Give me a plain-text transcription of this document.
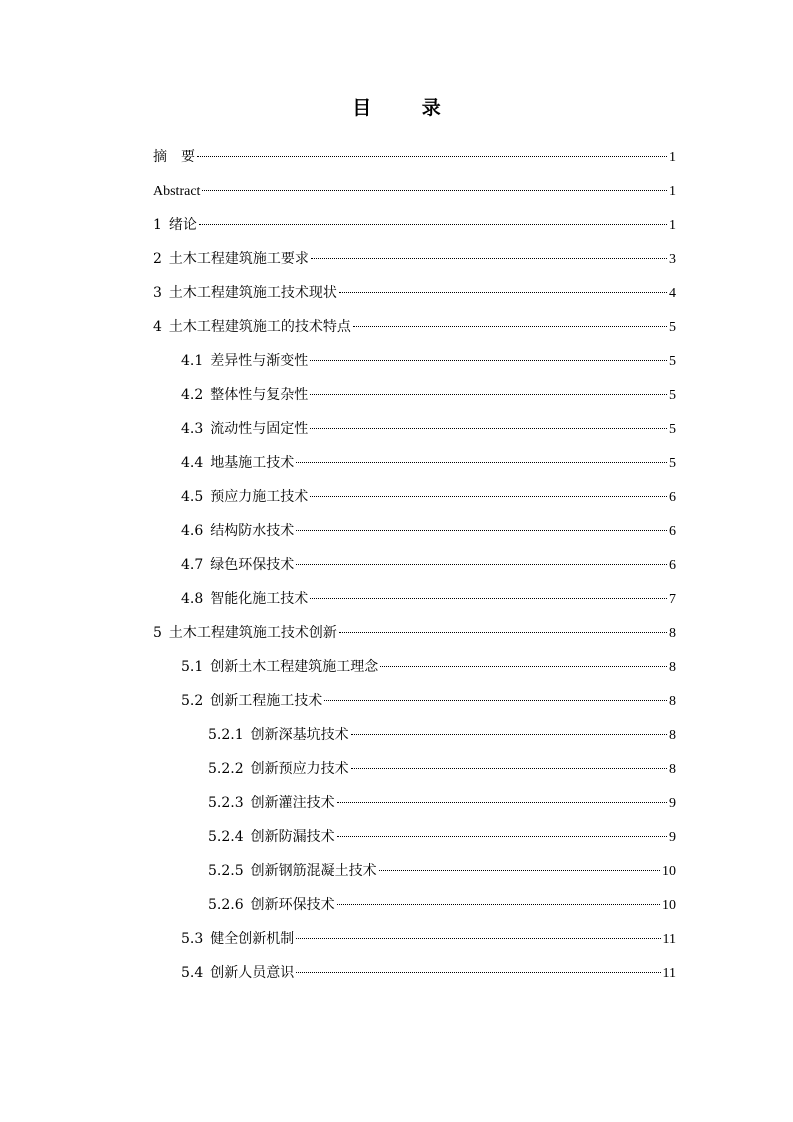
目 录
摘　要	1
Abstract	1
1 绪论	1
2 土木工程建筑施工要求	3
3 土木工程建筑施工技术现状	4
4 土木工程建筑施工的技术特点	5
4.1 差异性与渐变性	5
4.2 整体性与复杂性	5
4.3 流动性与固定性	5
4.4 地基施工技术	5
4.5 预应力施工技术	6
4.6 结构防水技术	6
4.7 绿色环保技术	6
4.8 智能化施工技术	7
5 土木工程建筑施工技术创新	8
5.1 创新土木工程建筑施工理念	8
5.2 创新工程施工技术	8
5.2.1 创新深基坑技术	8
5.2.2 创新预应力技术	8
5.2.3 创新灌注技术	9
5.2.4 创新防漏技术	9
5.2.5 创新钢筋混凝土技术	10
5.2.6 创新环保技术	10
5.3 健全创新机制	11
5.4 创新人员意识	11
